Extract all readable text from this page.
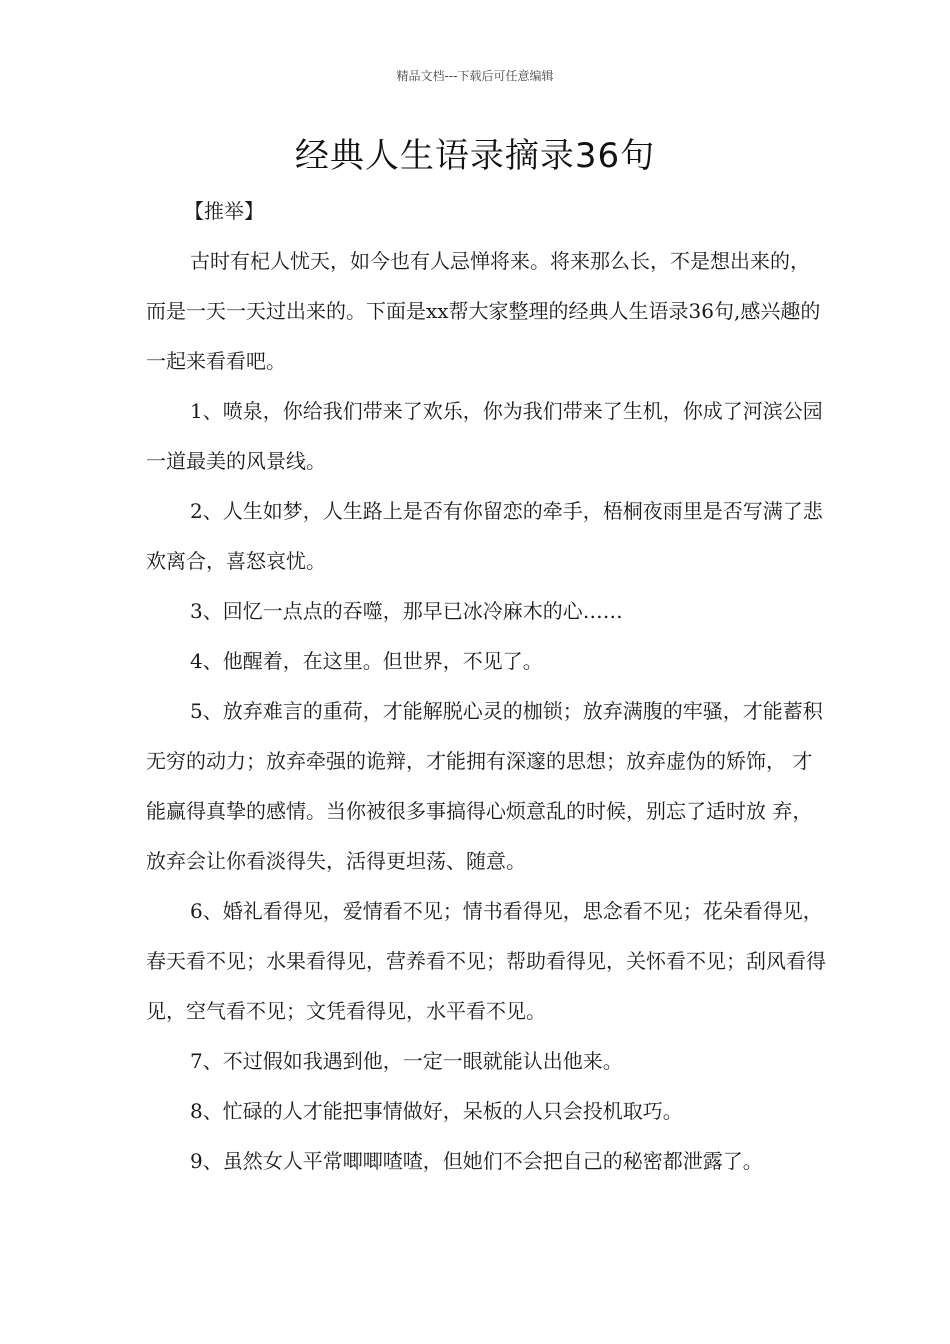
精品文档---下载后可任意编辑
经典人生语录摘录36句

【推举】

古时有杞人忧天，如今也有人忌惮将来。将来那么长，不是想出来的，而是一天一天过出来的。下面是xx帮大家整理的经典人生语录36句,感兴趣的一起来看看吧。

1、喷泉，你给我们带来了欢乐，你为我们带来了生机，你成了河滨公园一道最美的风景线。

2、人生如梦，人生路上是否有你留恋的牵手，梧桐夜雨里是否写满了悲欢离合，喜怒哀忧。

3、回忆一点点的吞噬，那早已冰冷麻木的心……

4、他醒着，在这里。但世界，不见了。

5、放弃难言的重荷，才能解脱心灵的枷锁；放弃满腹的牢骚，才能蓄积 无穷的动力；放弃牵强的诡辩，才能拥有深邃的思想；放弃虚伪的矫饰， 才能赢得真挚的感情。当你被很多事搞得心烦意乱的时候，别忘了适时放 弃，放弃会让你看淡得失，活得更坦荡、随意。

6、婚礼看得见，爱情看不见；情书看得见，思念看不见；花朵看得见，春天看不见；水果看得见，营养看不见；帮助看得见，关怀看不见；刮风看得见，空气看不见；文凭看得见，水平看不见。

7、不过假如我遇到他，一定一眼就能认出他来。

8、忙碌的人才能把事情做好，呆板的人只会投机取巧。

9、虽然女人平常唧唧喳喳，但她们不会把自己的秘密都泄露了。
